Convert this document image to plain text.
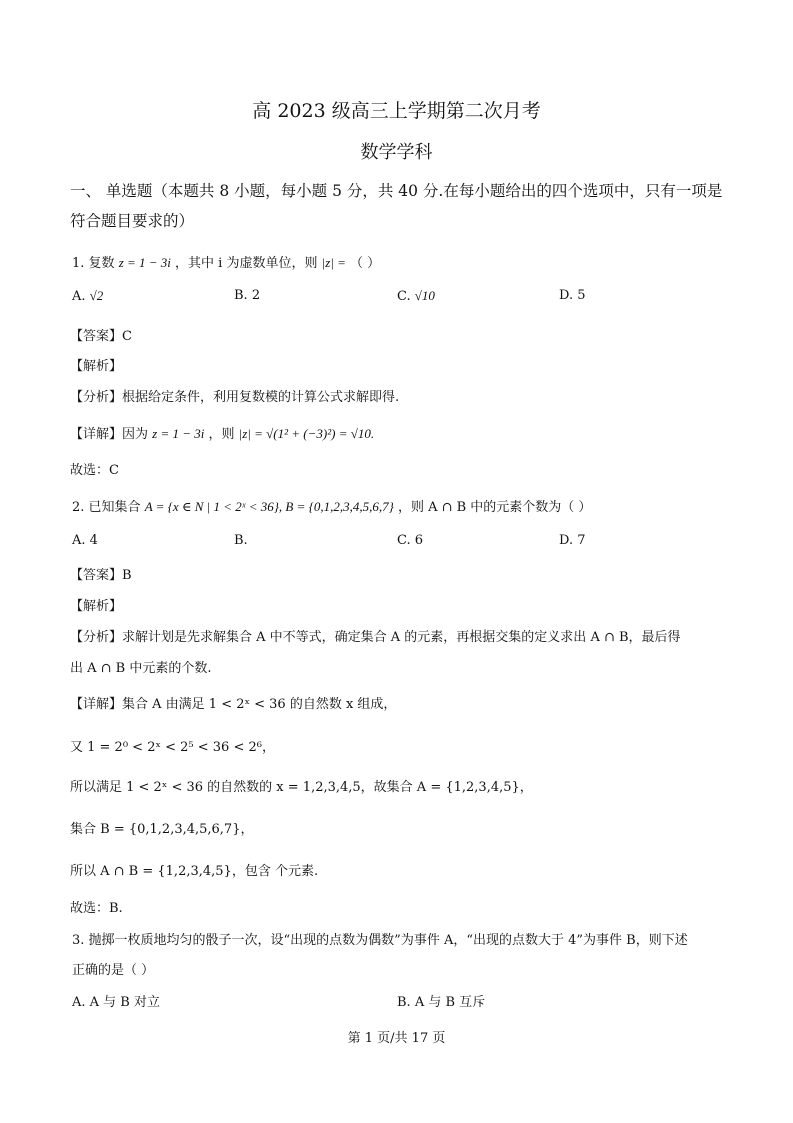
高 2023 级高三上学期第二次月考
数学学科
一、 单选题（本题共 8 小题，每小题 5 分，共 40 分.在每小题给出的四个选项中，只有一项是符合题目要求的）
1. 复数 z = 1 − 3i ，其中 i 为虚数单位，则 |z| = （ ）
A. √2	B. 2	C. √10	D. 5
【答案】C
【解析】
【分析】根据给定条件，利用复数模的计算公式求解即得.
【详解】因为 z = 1 − 3i ，则 |z| = √(1² + (−3)²) = √10.
故选：C
2. 已知集合 A = {x ∈ N | 1 < 2ˣ < 36}, B = {0,1,2,3,4,5,6,7} ，则 A ∩ B 中的元素个数为（ ）
A. 4	B.	C. 6	D. 7
【答案】B
【解析】
【分析】求解计划是先求解集合 A 中不等式，确定集合 A 的元素，再根据交集的定义求出 A ∩ B，最后得
出 A ∩ B 中元素的个数.
【详解】集合 A 由满足 1 < 2ˣ < 36 的自然数 x 组成，
又 1 = 2⁰ < 2ˣ < 2⁵ < 36 < 2⁶，
所以满足 1 < 2ˣ < 36 的自然数的 x = 1,2,3,4,5，故集合 A = {1,2,3,4,5}，
集合 B = {0,1,2,3,4,5,6,7}，
所以 A ∩ B = {1,2,3,4,5}，包含 个元素.
故选：B.
3. 抛掷一枚质地均匀的骰子一次，设“出现的点数为偶数”为事件 A，“出现的点数大于 4”为事件 B，则下述
正确的是（ ）
A. A 与 B 对立	B. A 与 B 互斥
第 1 页/共 17 页
